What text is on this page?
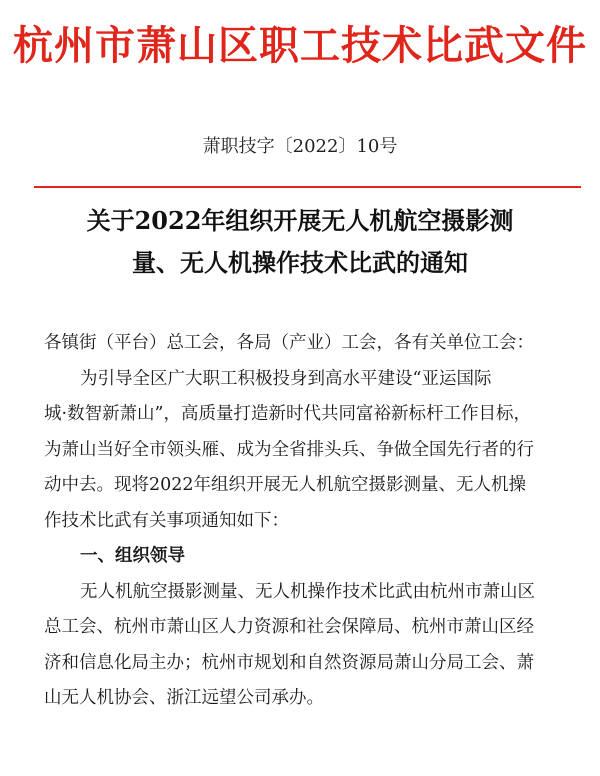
杭州市萧山区职工技术比武文件
萧职技字〔2022〕10号
关于2022年组织开展无人机航空摄影测
量、无人机操作技术比武的通知
各镇街（平台）总工会，各局（产业）工会，各有关单位工会：
为引导全区广大职工积极投身到高水平建设“亚运国际
城·数智新萧山”，高质量打造新时代共同富裕新标杆工作目标，
为萧山当好全市领头雁、成为全省排头兵、争做全国先行者的行
动中去。现将2022年组织开展无人机航空摄影测量、无人机操
作技术比武有关事项通知如下：
一、组织领导
无人机航空摄影测量、无人机操作技术比武由杭州市萧山区
总工会、杭州市萧山区人力资源和社会保障局、杭州市萧山区经
济和信息化局主办；杭州市规划和自然资源局萧山分局工会、萧
山无人机协会、浙江远望公司承办。
